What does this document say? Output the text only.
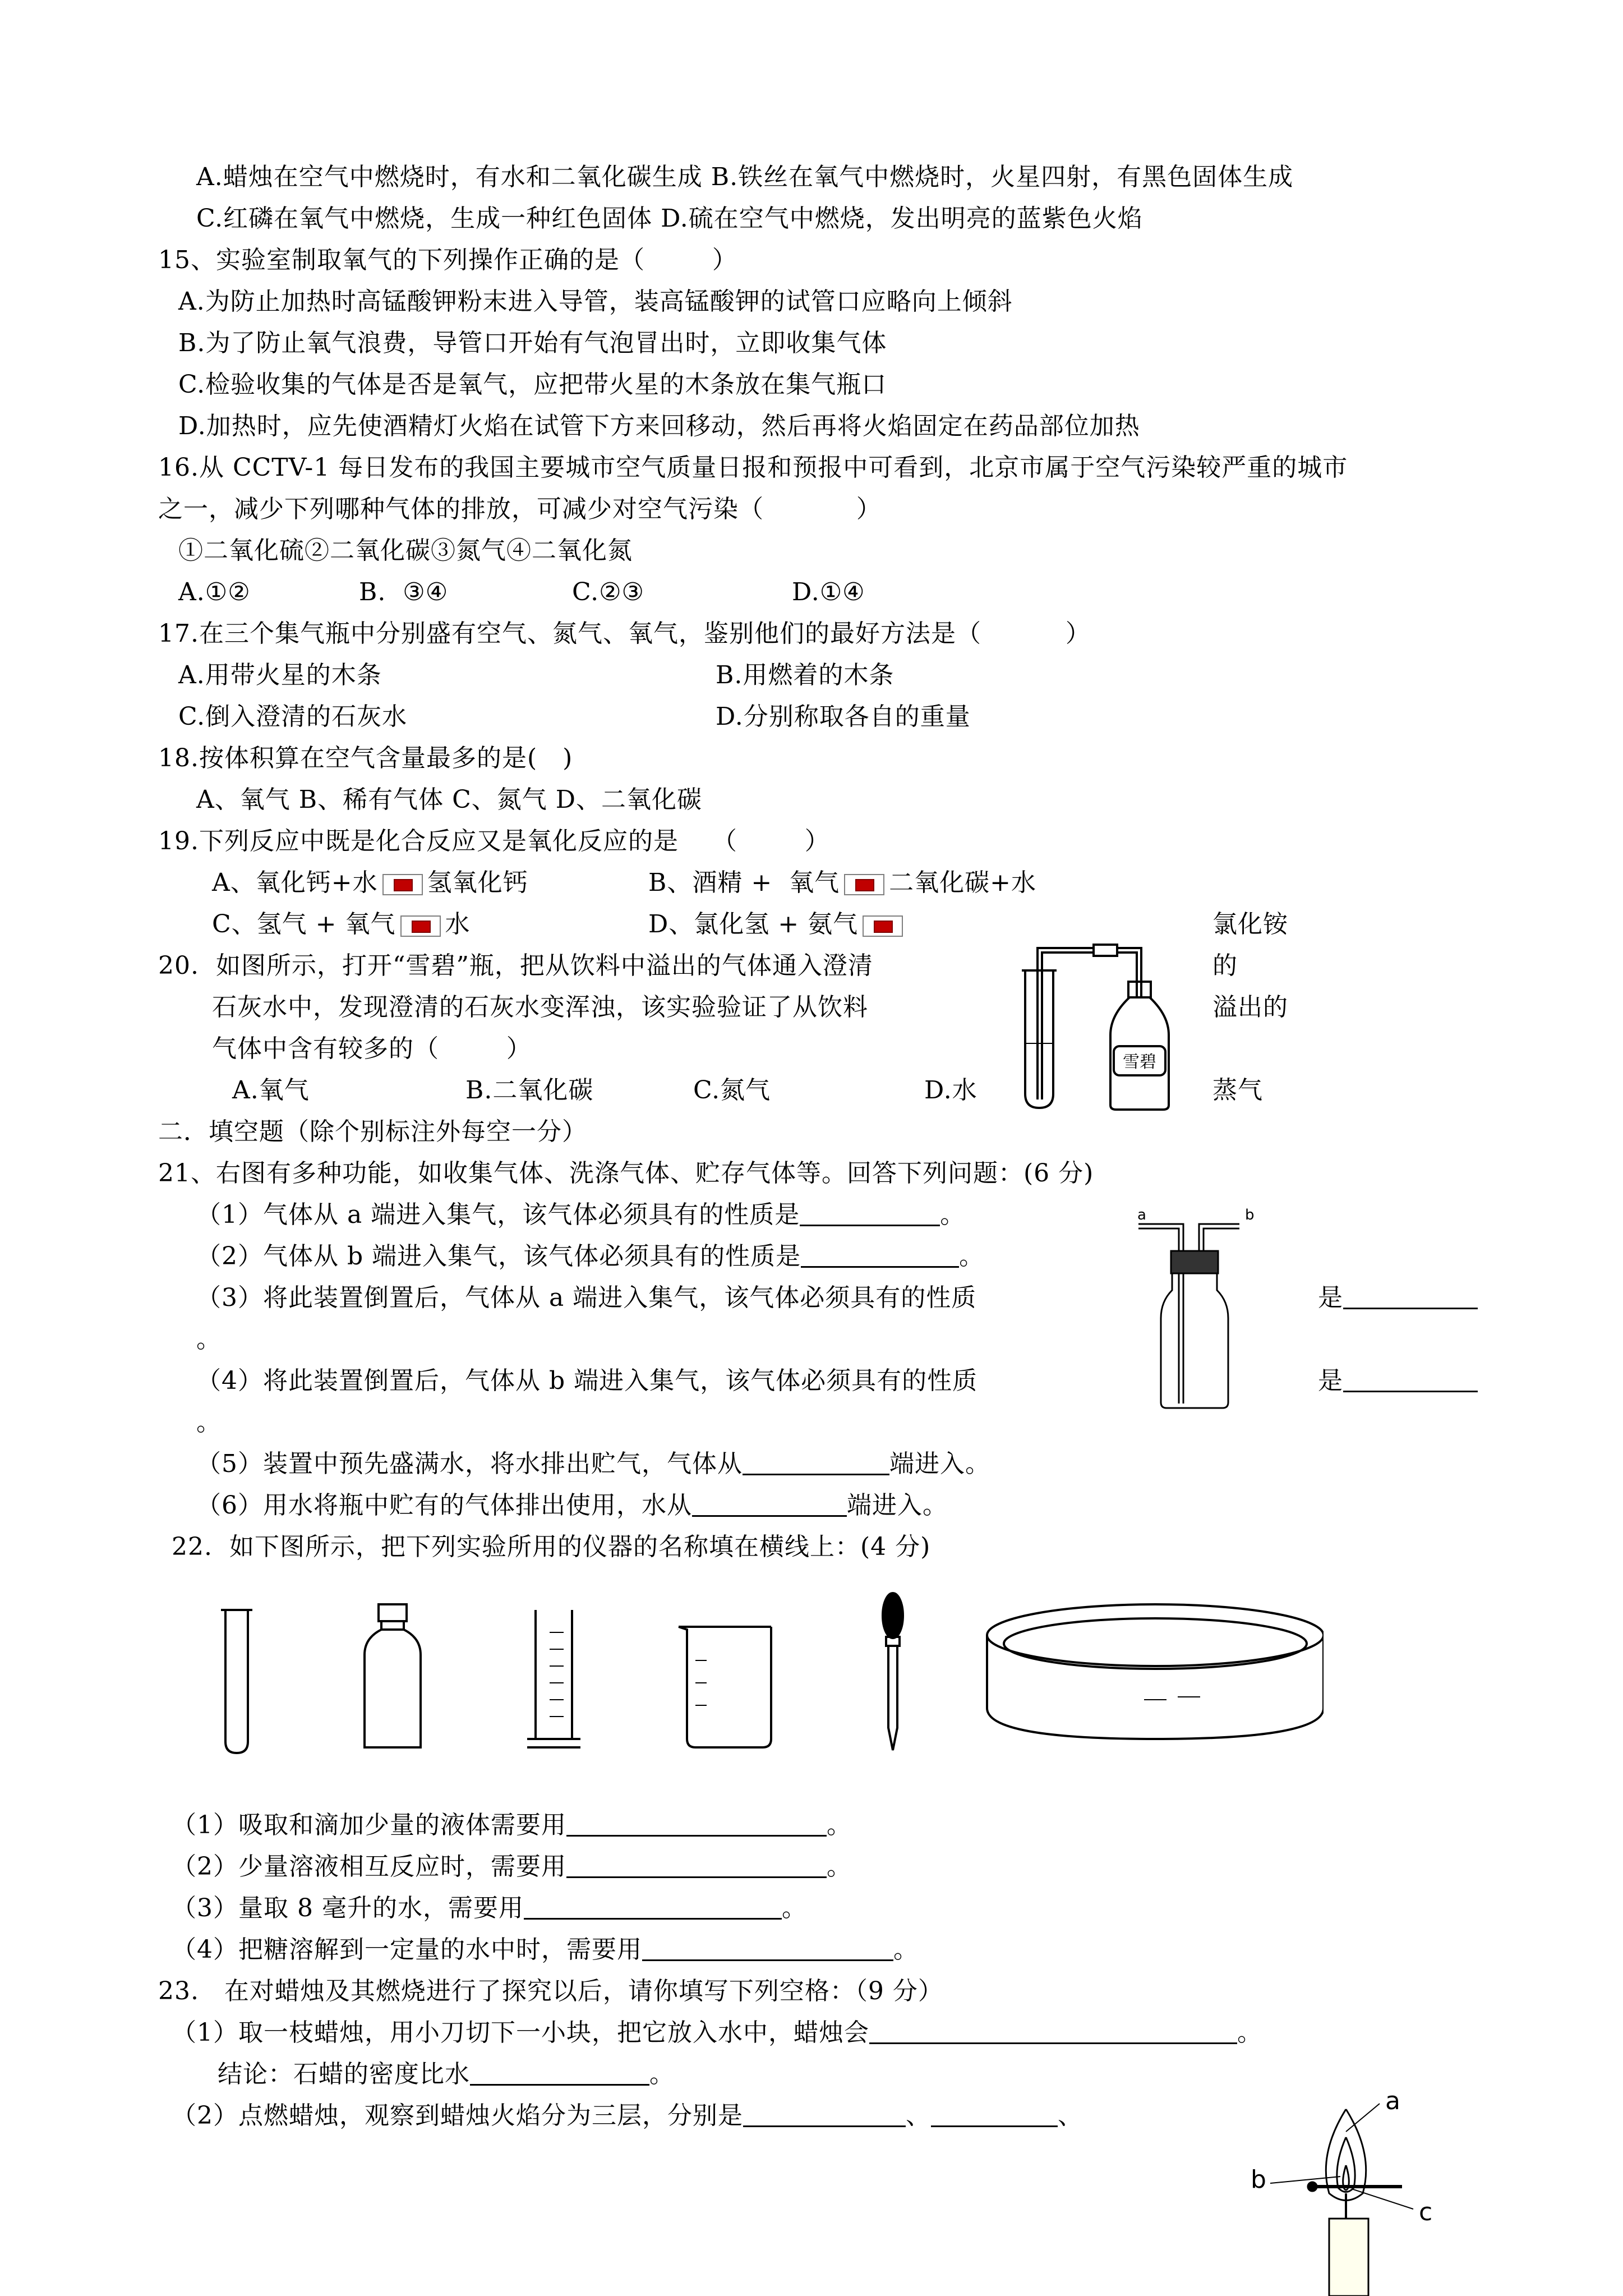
A.蜡烛在空气中燃烧时，有水和二氧化碳生成 B.铁丝在氧气中燃烧时，火星四射，有黑色固体生成
C.红磷在氧气中燃烧，生成一种红色固体 D.硫在空气中燃烧，发出明亮的蓝紫色火焰
15、实验室制取氧气的下列操作正确的是（        ）
A.为防止加热时高锰酸钾粉末进入导管，装高锰酸钾的试管口应略向上倾斜
B.为了防止氧气浪费，导管口开始有气泡冒出时，立即收集气体
C.检验收集的气体是否是氧气，应把带火星的木条放在集气瓶口
D.加热时，应先使酒精灯火焰在试管下方来回移动，然后再将火焰固定在药品部位加热
16.从 CCTV-1 每日发布的我国主要城市空气质量日报和预报中可看到，北京市属于空气污染较严重的城市
之一，减少下列哪种气体的排放，可减少对空气污染（           ）
①二氧化硫②二氧化碳③氮气④二氧化氮
A.①②	B.  ③④	C.②③	D.①④
17.在三个集气瓶中分别盛有空气、氮气、氧气，鉴别他们的最好方法是（          ）
A.用带火星的木条	B.用燃着的木条
C.倒入澄清的石灰水	D.分别称取各自的重量
18.按体积算在空气含量最多的是(   )
A、氧气 B、稀有气体 C、氮气 D、二氧化碳
19.下列反应中既是化合反应又是氧化反应的是    （        ）
A、氧化钙+水 氢氧化钙	B、酒精 +  氧气 二氧化碳+水
C、氢气 + 氧气 水	D、氯化氢 + 氨气	氯化铵
20.  如图所示，打开“雪碧”瓶，把从饮料中溢出的气体通入澄清	的
石灰水中，发现澄清的石灰水变浑浊，该实验验证了从饮料	溢出的
气体中含有较多的（        ）
A.氧气	B.二氧化碳	C.氮气	D.水	蒸气
雪碧
二．填空题（除个别标注外每空一分）
21、右图有多种功能，如收集气体、洗涤气体、贮存气体等。回答下列问题：(6 分)
（1）气体从 a 端进入集气，该气体必须具有的性质是	。
（2）气体从 b 端进入集气，该气体必须具有的性质是	。
（3）将此装置倒置后，气体从 a 端进入集气，该气体必须具有的性质	是
。
（4）将此装置倒置后，气体从 b 端进入集气，该气体必须具有的性质	是
。
（5）装置中预先盛满水，将水排出贮气，气体从	端进入。
（6）用水将瓶中贮有的气体排出使用，水从	端进入。
a	b
22.  如下图所示，把下列实验所用的仪器的名称填在横线上：(4 分)
（1）吸取和滴加少量的液体需要用	。
（2）少量溶液相互反应时，需要用	。
（3）量取 8 毫升的水，需要用	。
（4）把糖溶解到一定量的水中时，需要用	。
23.   在对蜡烛及其燃烧进行了探究以后，请你填写下列空格：（9 分）
（1）取一枝蜡烛，用小刀切下一小块，把它放入水中，蜡烛会	。
结论：石蜡的密度比水	。
（2）点燃蜡烛，观察到蜡烛火焰分为三层，分别是	、	、
a
b
c
